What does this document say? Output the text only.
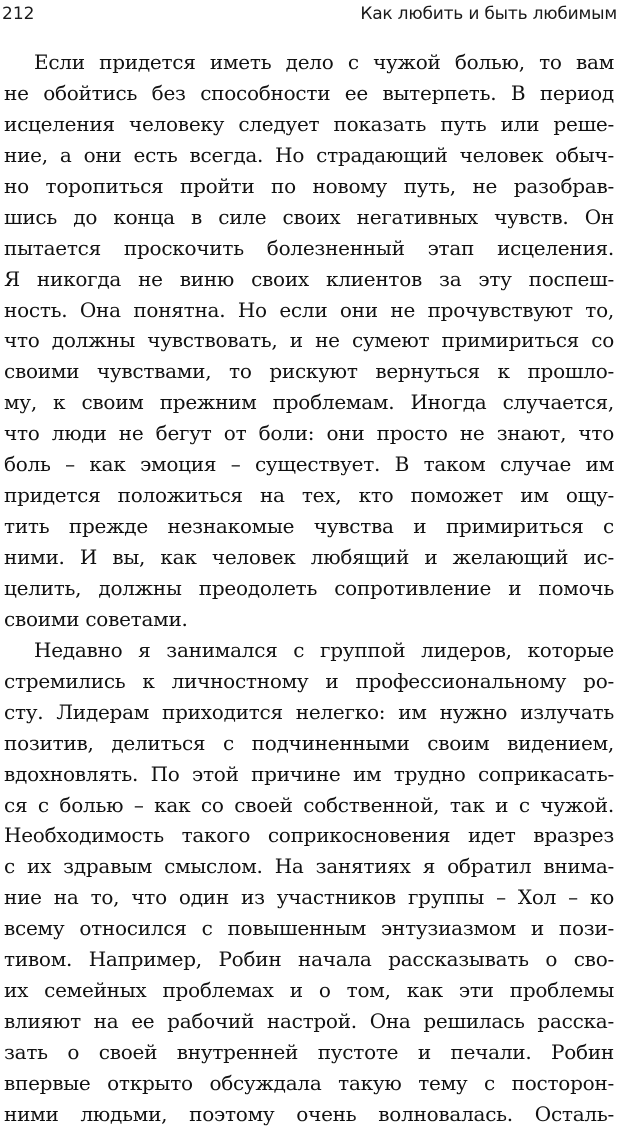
212	Как любить и быть любимым
Если придется иметь дело с чужой болью, то вам
не обойтись без способности ее вытерпеть. В период
исцеления человеку следует показать путь или реше-
ние, а они есть всегда. Но страдающий человек обыч-
но торопиться пройти по новому путь, не разобрав-
шись до конца в силе своих негативных чувств. Он
пытается проскочить болезненный этап исцеления.
Я никогда не виню своих клиентов за эту поспеш-
ность. Она понятна. Но если они не прочувствуют то,
что должны чувствовать, и не сумеют примириться со
своими чувствами, то рискуют вернуться к прошло-
му, к своим прежним проблемам. Иногда случается,
что люди не бегут от боли: они просто не знают, что
боль – как эмоция – существует. В таком случае им
придется положиться на тех, кто поможет им ощу-
тить прежде незнакомые чувства и примириться с
ними. И вы, как человек любящий и желающий ис-
целить, должны преодолеть сопротивление и помочь
своими советами.
Недавно я занимался с группой лидеров, которые
стремились к личностному и профессиональному ро-
сту. Лидерам приходится нелегко: им нужно излучать
позитив, делиться с подчиненными своим видением,
вдохновлять. По этой причине им трудно соприкасать-
ся с болью – как со своей собственной, так и с чужой.
Необходимость такого соприкосновения идет вразрез
с их здравым смыслом. На занятиях я обратил внима-
ние на то, что один из участников группы – Хол – ко
всему относился с повышенным энтузиазмом и пози-
тивом. Например, Робин начала рассказывать о сво-
их семейных проблемах и о том, как эти проблемы
влияют на ее рабочий настрой. Она решилась расска-
зать о своей внутренней пустоте и печали. Робин
впервые открыто обсуждала такую тему с посторон-
ними людьми, поэтому очень волновалась. Осталь-
